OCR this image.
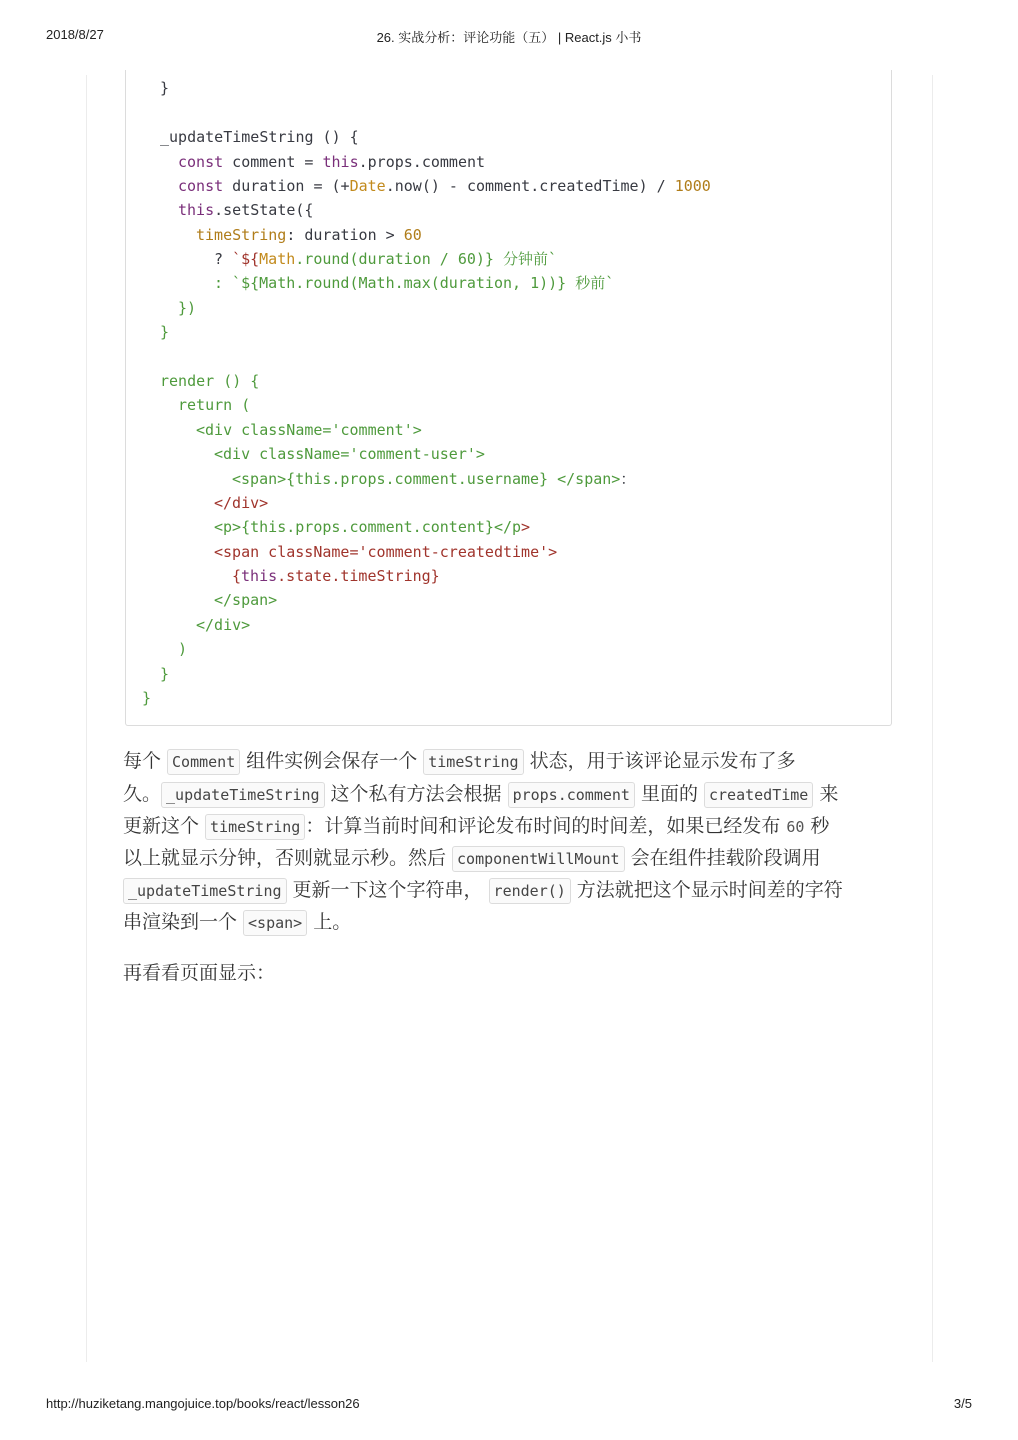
2018/8/27	26. 实战分析：评论功能（五） | React.js 小书
}
_updateTimeString () {
const comment = this.props.comment
const duration = (+Date.now() - comment.createdTime) / 1000
this.setState({
timeString: duration > 60
? `${Math.round(duration / 60)} 分钟前`
: `${Math.round(Math.max(duration, 1))} 秒前`
})
}
render () {
return (
<div className='comment'>
<div className='comment-user'>
<span>{this.props.comment.username} </span>：
</div>
<p>{this.props.comment.content}</p>
<span className='comment-createdtime'>
{this.state.timeString}
</span>
</div>
)
}
}
每个 Comment 组件实例会保存一个 timeString 状态，用于该评论显示发布了多
久。 _updateTimeString 这个私有方法会根据 props.comment 里面的 createdTime 来
更新这个 timeString ：计算当前时间和评论发布时间的时间差，如果已经发布 60 秒
以上就显示分钟，否则就显示秒。然后 componentWillMount 会在组件挂载阶段调用
_updateTimeString 更新一下这个字符串， render() 方法就把这个显示时间差的字符
串渲染到一个 <span> 上。
再看看页面显示：
http://huziketang.mangojuice.top/books/react/lesson26	3/5
